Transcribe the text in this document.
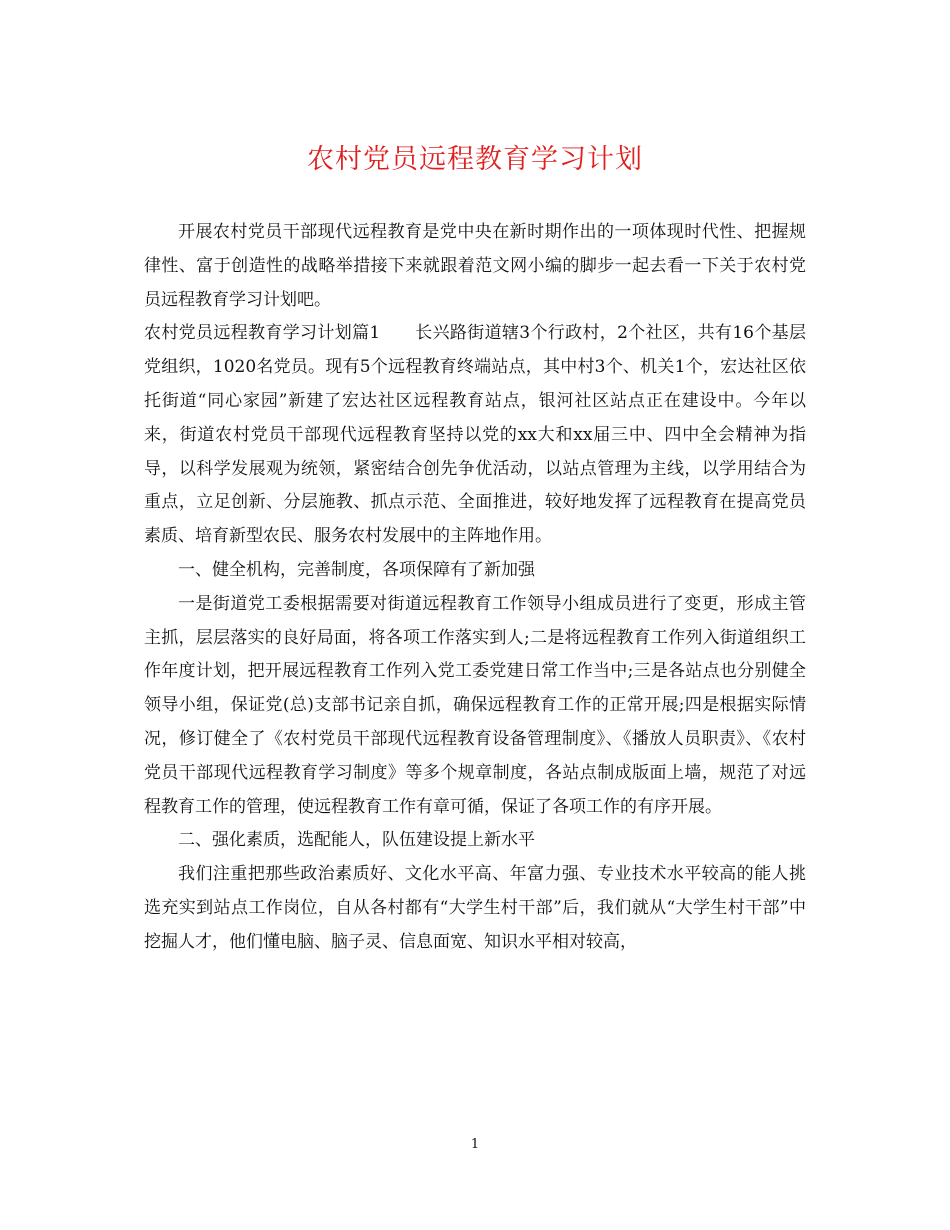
农村党员远程教育学习计划

开展农村党员干部现代远程教育是党中央在新时期作出的一项体现时代性、把握规律性、富于创造性的战略举措接下来就跟着范文网小编的脚步一起去看一下关于农村党员远程教育学习计划吧。

农村党员远程教育学习计划篇1　　长兴路街道辖3个行政村，2个社区，共有16个基层党组织，1020名党员。现有5个远程教育终端站点，其中村3个、机关1个，宏达社区依托街道“同心家园”新建了宏达社区远程教育站点，银河社区站点正在建设中。今年以来，街道农村党员干部现代远程教育坚持以党的xx大和xx届三中、四中全会精神为指导，以科学发展观为统领，紧密结合创先争优活动，以站点管理为主线，以学用结合为重点，立足创新、分层施教、抓点示范、全面推进，较好地发挥了远程教育在提高党员素质、培育新型农民、服务农村发展中的主阵地作用。

一、健全机构，完善制度，各项保障有了新加强

一是街道党工委根据需要对街道远程教育工作领导小组成员进行了变更，形成主管主抓，层层落实的良好局面，将各项工作落实到人;二是将远程教育工作列入街道组织工作年度计划，把开展远程教育工作列入党工委党建日常工作当中;三是各站点也分别健全领导小组，保证党(总)支部书记亲自抓，确保远程教育工作的正常开展;四是根据实际情况，修订健全了《农村党员干部现代远程教育设备管理制度》、《播放人员职责》、《农村党员干部现代远程教育学习制度》等多个规章制度，各站点制成版面上墙，规范了对远程教育工作的管理，使远程教育工作有章可循，保证了各项工作的有序开展。

二、强化素质，选配能人，队伍建设提上新水平

我们注重把那些政治素质好、文化水平高、年富力强、专业技术水平较高的能人挑选充实到站点工作岗位，自从各村都有“大学生村干部”后，我们就从“大学生村干部”中挖掘人才，他们懂电脑、脑子灵、信息面宽、知识水平相对较高，

1
